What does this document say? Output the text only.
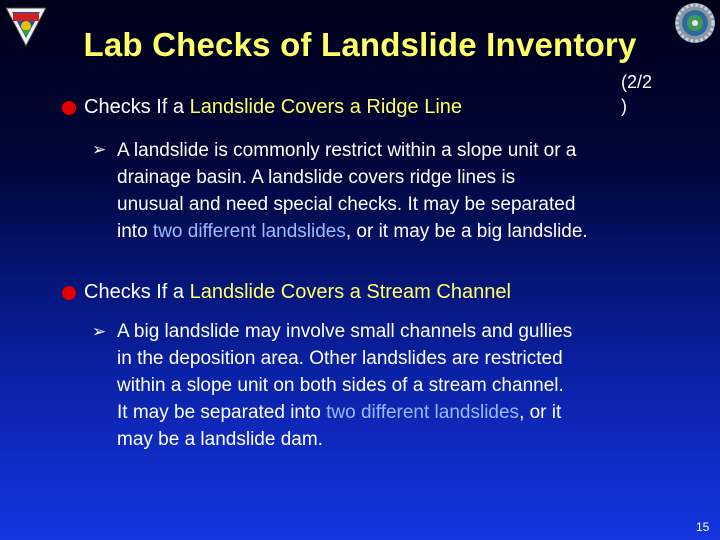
Lab Checks of Landslide Inventory
(2/2
)
Checks If a Landslide Covers a Ridge Line
➢ A landslide is commonly restrict within a slope unit or a
drainage basin. A landslide covers ridge lines is
unusual and need special checks. It may be separated
into two different landslides, or it may be a big landslide.
Checks If a Landslide Covers a Stream Channel
➢ A big landslide may involve small channels and gullies
in the deposition area. Other landslides are restricted
within a slope unit on both sides of a stream channel.
It may be separated into two different landslides, or it
may be a landslide dam.
15
